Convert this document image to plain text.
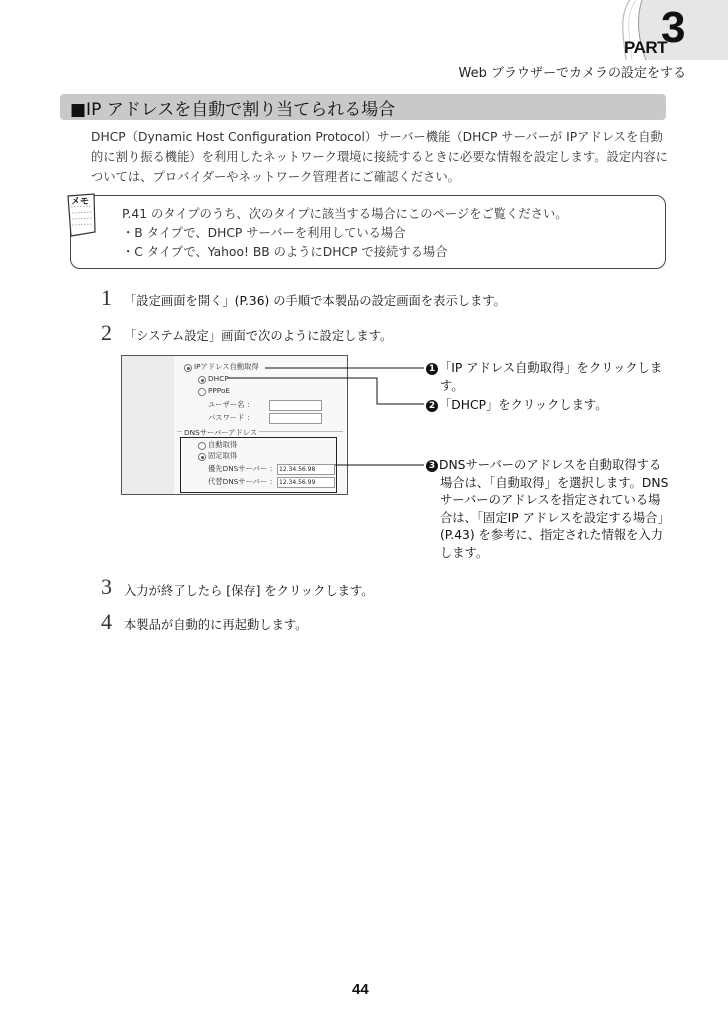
PART
3
Web ブラウザーでカメラの設定をする
■IP アドレスを自動で割り当てられる場合
DHCP（Dynamic Host Configuration Protocol）サーバー機能（DHCP サーバーが IPアドレスを自動的に割り振る機能）を利用したネットワーク環境に接続するときに必要な情報を設定します。設定内容については、プロバイダーやネットワーク管理者にご確認ください。
メモ
P.41 のタイプのうち、次のタイプに該当する場合にこのページをご覧ください。
・B タイプで、DHCP サーバーを利用している場合
・C タイプで、Yahoo! BB のようにDHCP で接続する場合
1 「設定画面を開く」(P.36) の手順で本製品の設定画面を表示します。
2 「システム設定」画面で次のように設定します。
3 入力が終了したら [保存] をクリックします。
4 本製品が自動的に再起動します。
IPアドレス自動取得
DHCP
PPPoE
ユーザー名 ：
パスワード ：
DNSサーバーアドレス
自動取得
固定取得
優先DNSサーバー ： 12.34.56.98
代替DNSサーバー ： 12.34.56.99
1 「IP アドレス自動取得」をクリックしま
す。
2 「DHCP」をクリックします。
3 DNSサーバーのアドレスを自動取得する
場合は、「自動取得」を選択します。DNS
サーバーのアドレスを指定されている場
合は、「固定IP アドレスを設定する場合」
(P.43) を参考に、指定された情報を入力
します。
44
